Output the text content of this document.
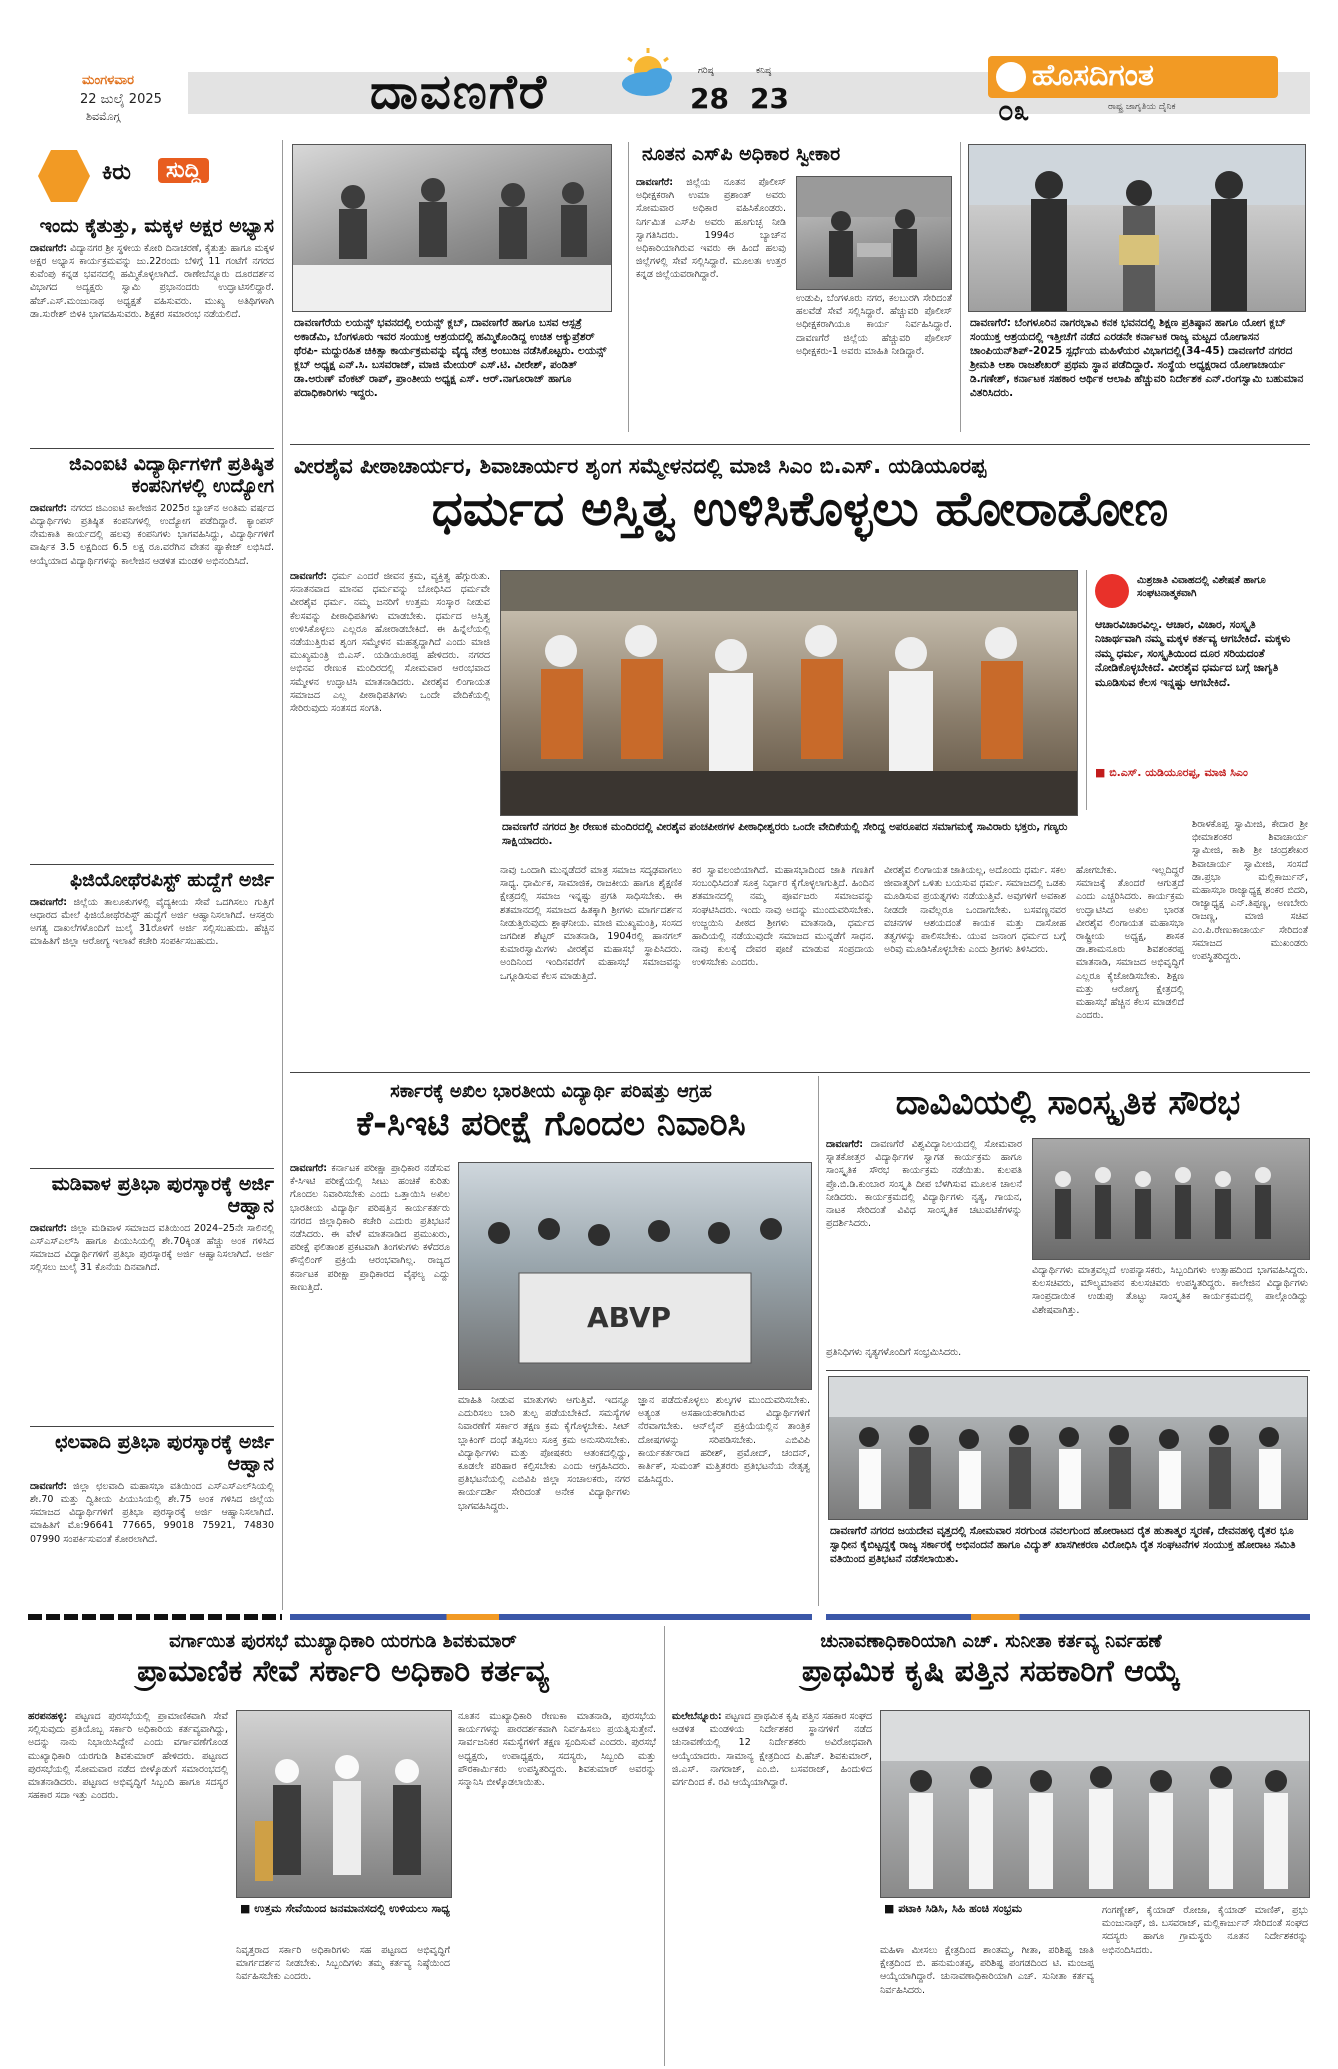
ಮಂಗಳವಾರ
22 ಜುಲೈ 2025
ಶಿವಮೊಗ್ಗ	ದಾವಣಗೆರೆ	ಗರಿಷ್ಠ
28
ಕನಿಷ್ಠ
23
ಹೊಸದಿಗಂತ
೦೩	ರಾಷ್ಟ್ರ ಜಾಗೃತಿಯ ದೈನಿಕ
ಕಿರು	ಸುದ್ದಿ
ಇಂದು ಕೈತುತ್ತು, ಮಕ್ಕಳ ಅಕ್ಷರ ಅಭ್ಯಾಸ
ದಾವಣಗೆರೆ: ವಿದ್ಯಾನಗರ ಶ್ರೀ ಸ್ಥಳೀಯ ಕೋರಿ ದಿನಾಚರಣೆ, ಕೈತುತ್ತು ಹಾಗೂ ಮಕ್ಕಳ ಅಕ್ಷರ ಅಭ್ಯಾಸ ಕಾರ್ಯಕ್ರಮವನ್ನು ಜು.22ರಂದು ಬೆಳಿಗ್ಗೆ 11 ಗಂಟೆಗೆ ನಗರದ ಕುವೆಂಪು ಕನ್ನಡ ಭವನದಲ್ಲಿ ಹಮ್ಮಿಕೊಳ್ಳಲಾಗಿದೆ. ರಾಣೇಬೆನ್ನೂರು ದೂರದರ್ಶನ ವಿಭಾಗದ ಅದ್ಯಕ್ಷರು ಸ್ವಾಮಿ ಪ್ರಭಾನಂದರು ಉದ್ಘಾಟಿಸಲಿದ್ದಾರೆ. ಹೆಚ್.ಎಸ್.ಮಂಜುನಾಥ ಅಧ್ಯಕ್ಷತೆ ವಹಿಸುವರು. ಮುಖ್ಯ ಅತಿಥಿಗಳಾಗಿ ಡಾ.ಸುರೇಶ್ ಬಿಳಕಿ ಭಾಗವಹಿಸುವರು. ಶಿಕ್ಷಕರ ಸಮಾರಂಭ ನಡೆಯಲಿದೆ.
ಜಿಎಂಐಟಿ ವಿದ್ಯಾರ್ಥಿಗಳಿಗೆ ಪ್ರತಿಷ್ಠಿತ ಕಂಪನಿಗಳಲ್ಲಿ ಉದ್ಯೋಗ
ದಾವಣಗೆರೆ: ನಗರದ ಜಿಎಂಐಟಿ ಕಾಲೇಜಿನ 2025ರ ಬ್ಯಾಚ್‌ನ ಅಂತಿಮ ವರ್ಷದ ವಿದ್ಯಾರ್ಥಿಗಳು ಪ್ರತಿಷ್ಠಿತ ಕಂಪನಿಗಳಲ್ಲಿ ಉದ್ಯೋಗ ಪಡೆದಿದ್ದಾರೆ. ಕ್ಯಾಂಪಸ್ ನೇಮಕಾತಿ ಕಾರ್ಯದಲ್ಲಿ ಹಲವು ಕಂಪನಿಗಳು ಭಾಗವಹಿಸಿದ್ದು, ವಿದ್ಯಾರ್ಥಿಗಳಿಗೆ ವಾರ್ಷಿಕ 3.5 ಲಕ್ಷದಿಂದ 6.5 ಲಕ್ಷ ರೂ.ವರೆಗಿನ ವೇತನ ಪ್ಯಾಕೇಜ್ ಲಭಿಸಿದೆ. ಆಯ್ಕೆಯಾದ ವಿದ್ಯಾರ್ಥಿಗಳನ್ನು ಕಾಲೇಜಿನ ಆಡಳಿತ ಮಂಡಳಿ ಅಭಿನಂದಿಸಿದೆ.
ಫಿಜಿಯೋಥೆರಪಿಸ್ಟ್ ಹುದ್ದೆಗೆ ಅರ್ಜಿ
ದಾವಣಗೆರೆ: ಜಿಲ್ಲೆಯ ತಾಲೂಕುಗಳಲ್ಲಿ ವೈದ್ಯಕೀಯ ಸೇವೆ ಒದಗಿಸಲು ಗುತ್ತಿಗೆ ಆಧಾರದ ಮೇಲೆ ಫಿಜಿಯೋಥೆರಪಿಸ್ಟ್ ಹುದ್ದೆಗೆ ಅರ್ಜಿ ಆಹ್ವಾನಿಸಲಾಗಿದೆ. ಆಸಕ್ತರು ಅಗತ್ಯ ದಾಖಲೆಗಳೊಂದಿಗೆ ಜುಲೈ 31ರೊಳಗೆ ಅರ್ಜಿ ಸಲ್ಲಿಸಬಹುದು. ಹೆಚ್ಚಿನ ಮಾಹಿತಿಗೆ ಜಿಲ್ಲಾ ಆರೋಗ್ಯ ಇಲಾಖೆ ಕಚೇರಿ ಸಂಪರ್ಕಿಸಬಹುದು.
ಮಡಿವಾಳ ಪ್ರತಿಭಾ ಪುರಸ್ಕಾರಕ್ಕೆ ಅರ್ಜಿ ಆಹ್ವಾನ
ದಾವಣಗೆರೆ: ಜಿಲ್ಲಾ ಮಡಿವಾಳ ಸಮಾಜದ ವತಿಯಿಂದ 2024–25ನೇ ಸಾಲಿನಲ್ಲಿ ಎಸ್ಎಸ್ಎಲ್‌ಸಿ ಹಾಗೂ ಪಿಯುಸಿಯಲ್ಲಿ ಶೇ.70ಕ್ಕಿಂತ ಹೆಚ್ಚು ಅಂಕ ಗಳಿಸಿದ ಸಮಾಜದ ವಿದ್ಯಾರ್ಥಿಗಳಿಗೆ ಪ್ರತಿಭಾ ಪುರಸ್ಕಾರಕ್ಕೆ ಅರ್ಜಿ ಆಹ್ವಾನಿಸಲಾಗಿದೆ. ಅರ್ಜಿ ಸಲ್ಲಿಸಲು ಜುಲೈ 31 ಕೊನೆಯ ದಿನವಾಗಿದೆ.
ಛಲವಾದಿ ಪ್ರತಿಭಾ ಪುರಸ್ಕಾರಕ್ಕೆ ಅರ್ಜಿ ಆಹ್ವಾನ
ದಾವಣಗೆರೆ: ಜಿಲ್ಲಾ ಛಲವಾದಿ ಮಹಾಸಭಾ ವತಿಯಿಂದ ಎಸ್ಎಸ್ಎಲ್‌ಸಿಯಲ್ಲಿ ಶೇ.70 ಮತ್ತು ದ್ವಿತೀಯ ಪಿಯುಸಿಯಲ್ಲಿ ಶೇ.75 ಅಂಕ ಗಳಿಸಿದ ಜಿಲ್ಲೆಯ ಸಮಾಜದ ವಿದ್ಯಾರ್ಥಿಗಳಿಗೆ ಪ್ರತಿಭಾ ಪುರಸ್ಕಾರಕ್ಕೆ ಅರ್ಜಿ ಆಹ್ವಾನಿಸಲಾಗಿದೆ. ಮಾಹಿತಿಗೆ ಮೊ:96641 77665, 99018 75921, 74830 07990 ಸಂಪರ್ಕಿಸುವಂತೆ ಕೋರಲಾಗಿದೆ.
ದಾವಣಗೆರೆಯ ಲಯನ್ಸ್ ಭವನದಲ್ಲಿ ಲಯನ್ಸ್ ಕ್ಲಬ್, ದಾವಣಗೆರೆ ಹಾಗೂ ಬಸವ ಆಸ್ಪತ್ರೆ ಅಕಾಡೆಮಿ, ಬೆಂಗಳೂರು ಇವರ ಸಂಯುಕ್ತ ಆಶ್ರಯದಲ್ಲಿ ಹಮ್ಮಿಕೊಂಡಿದ್ದ ಉಚಿತ ಆಕ್ಯುಪ್ರೆಶರ್ ಥೆರಪಿ- ಮದ್ದುರಹಿತ ಚಿಕಿತ್ಸಾ ಕಾರ್ಯಕ್ರಮವನ್ನು ವೈದ್ಯ ನೇತ್ರ ಅಂಬುಜ ನಡೆಸಿಕೊಟ್ಟರು. ಲಯನ್ಸ್ ಕ್ಲಬ್ ಅಧ್ಯಕ್ಷ ಎನ್.ಸಿ. ಬಸವರಾಜ್, ಮಾಜಿ ಮೇಯರ್ ಎಸ್.ಟಿ. ವೀರೇಶ್, ಪಂಡಿತ್ ಡಾ.ಅರುಣ್ ವೆಂಕಟ್ ರಾಪ್, ಪ್ರಾಂತೀಯ ಅಧ್ಯಕ್ಷ ಎಸ್. ಆರ್.ನಾಗೂರಾಜ್ ಹಾಗೂ ಪದಾಧಿಕಾರಿಗಳು ಇದ್ದರು.
ನೂತನ ಎಸ್‌ಪಿ ಅಧಿಕಾರ ಸ್ವೀಕಾರ
ದಾವಣಗೆರೆ: ಜಿಲ್ಲೆಯ ನೂತನ ಪೊಲೀಸ್ ಅಧೀಕ್ಷಕರಾಗಿ ಉಮಾ ಪ್ರಶಾಂತ್ ಅವರು ಸೋಮವಾರ ಅಧಿಕಾರ ವಹಿಸಿಕೊಂಡರು. ನಿರ್ಗಮಿತ ಎಸ್‌ಪಿ ಅವರು ಹೂಗುಚ್ಛ ನೀಡಿ ಸ್ವಾಗತಿಸಿದರು. 1994ರ ಬ್ಯಾಚ್‌ನ ಅಧಿಕಾರಿಯಾಗಿರುವ ಇವರು ಈ ಹಿಂದೆ ಹಲವು ಜಿಲ್ಲೆಗಳಲ್ಲಿ ಸೇವೆ ಸಲ್ಲಿಸಿದ್ದಾರೆ. ಮೂಲತಃ ಉತ್ತರ ಕನ್ನಡ ಜಿಲ್ಲೆಯವರಾಗಿದ್ದಾರೆ.
ಉಡುಪಿ, ಬೆಂಗಳೂರು ನಗರ, ಕಲಬುರಗಿ ಸೇರಿದಂತೆ ಹಲವೆಡೆ ಸೇವೆ ಸಲ್ಲಿಸಿದ್ದಾರೆ. ಹೆಚ್ಚುವರಿ ಪೊಲೀಸ್ ಅಧೀಕ್ಷಕರಾಗಿಯೂ ಕಾರ್ಯ ನಿರ್ವಹಿಸಿದ್ದಾರೆ. ದಾವಣಗೆರೆ ಜಿಲ್ಲೆಯ ಹೆಚ್ಚುವರಿ ಪೊಲೀಸ್ ಅಧೀಕ್ಷಕರು-1 ಅವರು ಮಾಹಿತಿ ನೀಡಿದ್ದಾರೆ.
ದಾವಣಗೆರೆ: ಬೆಂಗಳೂರಿನ ನಾಗರಭಾವಿ ಕನಕ ಭವನದಲ್ಲಿ ಶಿಕ್ಷಣ ಪ್ರತಿಷ್ಠಾನ ಹಾಗೂ ಯೋಗ ಕ್ಲಬ್ ಸಂಯುಕ್ತ ಆಶ್ರಯದಲ್ಲಿ ಇತ್ತೀಚೆಗೆ ನಡೆದ ಎರಡನೇ ಕರ್ನಾಟಕ ರಾಜ್ಯ ಮಟ್ಟದ ಯೋಗಾಸನ ಚಾಂಪಿಯನ್‌ಶಿಪ್-2025 ಸ್ಪರ್ಧೆಯ ಮಹಿಳೆಯರ ವಿಭಾಗದಲ್ಲಿ(34-45) ದಾವಣಗೆರೆ ನಗರದ ಶ್ರೀಮತಿ ಆಶಾ ರಾಜಶೇಖರ್ ಪ್ರಥಮ ಸ್ಥಾನ ಪಡೆದಿದ್ದಾರೆ. ಸಂಸ್ಥೆಯ ಅಧ್ಯಕ್ಷರಾದ ಯೋಗಾಚಾರ್ಯ ಡಿ.ಗಣೇಶ್, ಕರ್ನಾಟಕ ಸಹಕಾರ ಆರ್ಥಿಕ ಆಲಾಪಿ ಹೆಚ್ಚುವರಿ ನಿರ್ದೇಶಕ ಎನ್.ರಂಗಸ್ವಾಮಿ ಬಹುಮಾನ ವಿತರಿಸಿದರು.
ವೀರಶೈವ ಪೀಠಾಚಾರ್ಯರ, ಶಿವಾಚಾರ್ಯರ ಶೃಂಗ ಸಮ್ಮೇಳನದಲ್ಲಿ ಮಾಜಿ ಸಿಎಂ ಬಿ.ಎಸ್. ಯಡಿಯೂರಪ್ಪ
ಧರ್ಮದ ಅಸ್ತಿತ್ವ ಉಳಿಸಿಕೊಳ್ಳಲು ಹೋರಾಡೋಣ
ದಾವಣಗೆರೆ: ಧರ್ಮ ಎಂದರೆ ಜೀವನ ಕ್ರಮ, ವ್ಯಕ್ತಿತ್ವ ಹೆಗ್ಗುರುತು. ಸನಾತನವಾದ ಮಾನವ ಧರ್ಮವನ್ನು ಬೋಧಿಸಿದ ಧರ್ಮವೇ ವೀರಶೈವ ಧರ್ಮ. ನಮ್ಮ ಜನರಿಗೆ ಉತ್ತಮ ಸಂಸ್ಕಾರ ನೀಡುವ ಕೆಲಸವನ್ನು ಪೀಠಾಧಿಪತಿಗಳು ಮಾಡಬೇಕು. ಧರ್ಮದ ಅಸ್ತಿತ್ವ ಉಳಿಸಿಕೊಳ್ಳಲು ಎಲ್ಲರೂ ಹೋರಾಡಬೇಕಿದೆ. ಈ ಹಿನ್ನೆಲೆಯಲ್ಲಿ ನಡೆಯುತ್ತಿರುವ ಶೃಂಗ ಸಮ್ಮೇಳನ ಮಹತ್ವದ್ದಾಗಿದೆ ಎಂದು ಮಾಜಿ ಮುಖ್ಯಮಂತ್ರಿ ಬಿ.ಎಸ್. ಯಡಿಯೂರಪ್ಪ ಹೇಳಿದರು. ನಗರದ ಅಭಿನವ ರೇಣುಕ ಮಂದಿರದಲ್ಲಿ ಸೋಮವಾರ ಆರಂಭವಾದ ಸಮ್ಮೇಳನ ಉದ್ಘಾಟಿಸಿ ಮಾತನಾಡಿದರು. ವೀರಶೈವ ಲಿಂಗಾಯತ ಸಮಾಜದ ಎಲ್ಲ ಪೀಠಾಧಿಪತಿಗಳು ಒಂದೇ ವೇದಿಕೆಯಲ್ಲಿ ಸೇರಿರುವುದು ಸಂತಸದ ಸಂಗತಿ.
ಮಿಶ್ರಜಾತಿ ವಿವಾಹದಲ್ಲಿ ವಿಶೇಷತೆ ಹಾಗೂ ಸಂಘಟನಾತ್ಮಕವಾಗಿ
ಆಚಾರವಿಚಾರವಿಲ್ಲ. ಆಚಾರ, ವಿಚಾರ, ಸಂಸ್ಕೃತಿ ನಿಜಾರ್ಥವಾಗಿ ನಮ್ಮ ಮಕ್ಕಳ ಕರ್ತವ್ಯ ಆಗಬೇಕಿದೆ. ಮಕ್ಕಳು ನಮ್ಮ ಧರ್ಮ, ಸಂಸ್ಕೃತಿಯಿಂದ ದೂರ ಸರಿಯದಂತೆ ನೋಡಿಕೊಳ್ಳಬೇಕಿದೆ. ವೀರಶೈವ ಧರ್ಮದ ಬಗ್ಗೆ ಜಾಗೃತಿ ಮೂಡಿಸುವ ಕೆಲಸ ಇನ್ನಷ್ಟು ಆಗಬೇಕಿದೆ.
■ ಬಿ.ಎಸ್. ಯಡಿಯೂರಪ್ಪ, ಮಾಜಿ ಸಿಎಂ
ದಾವಣಗೆರೆ ನಗರದ ಶ್ರೀ ರೇಣುಕ ಮಂದಿರದಲ್ಲಿ ವೀರಶೈವ ಪಂಚಪೀಠಗಳ ಪೀಠಾಧೀಶ್ವರರು ಒಂದೇ ವೇದಿಕೆಯಲ್ಲಿ ಸೇರಿದ್ದ ಅಪರೂಪದ ಸಮಾಗಮಕ್ಕೆ ಸಾವಿರಾರು ಭಕ್ತರು, ಗಣ್ಯರು ಸಾಕ್ಷಿಯಾದರು.
ನಾವು ಒಂದಾಗಿ ಮುನ್ನಡೆದರೆ ಮಾತ್ರ ಸಮಾಜ ಸದೃಢವಾಗಲು ಸಾಧ್ಯ. ಧಾರ್ಮಿಕ, ಸಾಮಾಜಿಕ, ರಾಜಕೀಯ ಹಾಗೂ ಶೈಕ್ಷಣಿಕ ಕ್ಷೇತ್ರದಲ್ಲಿ ಸಮಾಜ ಇನ್ನಷ್ಟು ಪ್ರಗತಿ ಸಾಧಿಸಬೇಕು. ಈ ಶತಮಾನದಲ್ಲಿ ಸಮಾಜದ ಹಿತಕ್ಕಾಗಿ ಶ್ರೀಗಳು ಮಾರ್ಗದರ್ಶನ ನೀಡುತ್ತಿರುವುದು ಶ್ಲಾಘನೀಯ. ಮಾಜಿ ಮುಖ್ಯಮಂತ್ರಿ, ಸಂಸದ ಜಗದೀಶ ಶೆಟ್ಟರ್ ಮಾತನಾಡಿ, 1904ರಲ್ಲಿ ಹಾನಗಲ್ ಕುಮಾರಸ್ವಾಮಿಗಳು ವೀರಶೈವ ಮಹಾಸಭೆ ಸ್ಥಾಪಿಸಿದರು. ಅಂದಿನಿಂದ ಇಂದಿನವರೆಗೆ ಮಹಾಸಭೆ ಸಮಾಜವನ್ನು ಒಗ್ಗೂಡಿಸುವ ಕೆಲಸ ಮಾಡುತ್ತಿದೆ.
ಕರ ಸ್ವಾವಲಂಬಿಯಾಗಿದೆ. ಮಹಾಸಭಾದಿಂದ ಜಾತಿ ಗಣತಿಗೆ ಸಂಬಂಧಿಸಿದಂತೆ ಸೂಕ್ತ ನಿರ್ಧಾರ ಕೈಗೊಳ್ಳಲಾಗುತ್ತಿದೆ. ಹಿಂದಿನ ಶತಮಾನದಲ್ಲಿ ನಮ್ಮ ಪೂರ್ವಜರು ಸಮಾಜವನ್ನು ಸಂಘಟಿಸಿದರು. ಇಂದು ನಾವು ಅದನ್ನು ಮುಂದುವರಿಸಬೇಕು. ಉಜ್ಜಯಿನಿ ಪೀಠದ ಶ್ರೀಗಳು ಮಾತನಾಡಿ, ಧರ್ಮದ ಹಾದಿಯಲ್ಲಿ ನಡೆಯುವುದೇ ಸಮಾಜದ ಮುನ್ನಡೆಗೆ ಸಾಧನ. ನಾವು ಕುಲಕ್ಕೆ ದೇವರ ಪೂಜೆ ಮಾಡುವ ಸಂಪ್ರದಾಯ ಉಳಿಸಬೇಕು ಎಂದರು.
ವೀರಶೈವ ಲಿಂಗಾಯತ ಜಾತಿಯಲ್ಲ, ಅದೊಂದು ಧರ್ಮ. ಸಕಲ ಜೀವಾತ್ಮರಿಗೆ ಒಳಿತು ಬಯಸುವ ಧರ್ಮ. ಸಮಾಜದಲ್ಲಿ ಒಡಕು ಮೂಡಿಸುವ ಪ್ರಯತ್ನಗಳು ನಡೆಯುತ್ತಿವೆ. ಅವುಗಳಿಗೆ ಅವಕಾಶ ನೀಡದೇ ನಾವೆಲ್ಲರೂ ಒಂದಾಗಬೇಕು. ಬಸವಣ್ಣನವರ ವಚನಗಳ ಆಶಯದಂತೆ ಕಾಯಕ ಮತ್ತು ದಾಸೋಹ ತತ್ವಗಳನ್ನು ಪಾಲಿಸಬೇಕು. ಯುವ ಜನಾಂಗ ಧರ್ಮದ ಬಗ್ಗೆ ಅರಿವು ಮೂಡಿಸಿಕೊಳ್ಳಬೇಕು ಎಂದು ಶ್ರೀಗಳು ತಿಳಿಸಿದರು.
ಹೋಗಬೇಕು. ಇಲ್ಲದಿದ್ದರೆ ಸಮಾಜಕ್ಕೆ ತೊಂದರೆ ಆಗುತ್ತದೆ ಎಂದು ಎಚ್ಚರಿಸಿದರು. ಕಾರ್ಯಕ್ರಮ ಉದ್ಘಾಟಿಸಿದ ಅಖಿಲ ಭಾರತ ವೀರಶೈವ ಲಿಂಗಾಯತ ಮಹಾಸಭಾ ರಾಷ್ಟ್ರೀಯ ಅಧ್ಯಕ್ಷ, ಶಾಸಕ ಡಾ.ಶಾಮನೂರು ಶಿವಶಂಕರಪ್ಪ ಮಾತನಾಡಿ, ಸಮಾಜದ ಅಭಿವೃದ್ಧಿಗೆ ಎಲ್ಲರೂ ಕೈಜೋಡಿಸಬೇಕು. ಶಿಕ್ಷಣ ಮತ್ತು ಆರೋಗ್ಯ ಕ್ಷೇತ್ರದಲ್ಲಿ ಮಹಾಸಭೆ ಹೆಚ್ಚಿನ ಕೆಲಸ ಮಾಡಲಿದೆ ಎಂದರು.
ಶಿರಾಳಕೊಪ್ಪ ಸ್ವಾಮೀಜಿ, ಕೇದಾರ ಶ್ರೀ ಭೀಮಾಶಂಕರ ಶಿವಾಚಾರ್ಯ ಸ್ವಾಮೀಜಿ, ಕಾಶಿ ಶ್ರೀ ಚಂದ್ರಶೇಖರ ಶಿವಾಚಾರ್ಯ ಸ್ವಾಮೀಜಿ, ಸಂಸದೆ ಡಾ.ಪ್ರಭಾ ಮಲ್ಲಿಕಾರ್ಜುನ್, ಮಹಾಸಭಾ ರಾಜ್ಯಾಧ್ಯಕ್ಷ ಶಂಕರ ಬಿದರಿ, ರಾಜ್ಯಾಧ್ಯಕ್ಷ ಎನ್.ತಿಪ್ಪಣ್ಣ, ಅಣಬೇರು ರಾಜಣ್ಣ, ಮಾಜಿ ಸಚಿವ ಎಂ.ಪಿ.ರೇಣುಕಾಚಾರ್ಯ ಸೇರಿದಂತೆ ಸಮಾಜದ ಮುಖಂಡರು ಉಪಸ್ಥಿತರಿದ್ದರು.
ಸರ್ಕಾರಕ್ಕೆ ಅಖಿಲ ಭಾರತೀಯ ವಿದ್ಯಾರ್ಥಿ ಪರಿಷತ್ತು ಆಗ್ರಹ
ಕೆ-ಸಿಇಟಿ ಪರೀಕ್ಷೆ ಗೊಂದಲ ನಿವಾರಿಸಿ
ದಾವಣಗೆರೆ: ಕರ್ನಾಟಕ ಪರೀಕ್ಷಾ ಪ್ರಾಧಿಕಾರ ನಡೆಸುವ ಕೆ-ಸಿಇಟಿ ಪರೀಕ್ಷೆಯಲ್ಲಿ ಸೀಟು ಹಂಚಿಕೆ ಕುರಿತು ಗೊಂದಲ ನಿವಾರಿಸಬೇಕು ಎಂದು ಒತ್ತಾಯಿಸಿ ಅಖಿಲ ಭಾರತೀಯ ವಿದ್ಯಾರ್ಥಿ ಪರಿಷತ್ತಿನ ಕಾರ್ಯಕರ್ತರು ನಗರದ ಜಿಲ್ಲಾಧಿಕಾರಿ ಕಚೇರಿ ಎದುರು ಪ್ರತಿಭಟನೆ ನಡೆಸಿದರು. ಈ ವೇಳೆ ಮಾತನಾಡಿದ ಪ್ರಮುಖರು, ಪರೀಕ್ಷೆ ಫಲಿತಾಂಶ ಪ್ರಕಟವಾಗಿ ತಿಂಗಳುಗಳು ಕಳೆದರೂ ಕೌನ್ಸೆಲಿಂಗ್ ಪ್ರಕ್ರಿಯೆ ಆರಂಭವಾಗಿಲ್ಲ. ರಾಜ್ಯದ ಕರ್ನಾಟಕ ಪರೀಕ್ಷಾ ಪ್ರಾಧಿಕಾರದ ವೈಫಲ್ಯ ಎದ್ದು ಕಾಣುತ್ತಿದೆ.
ABVP
ಮಾಹಿತಿ ನೀಡುವ ಮಾತುಗಳು ಆಗುತ್ತಿವೆ. ಇದನ್ನೂ ಎದುರಿಸಲು ಬಾರಿ ತುಲ್ಪ ಪಡೆಯಬೇಕಿದೆ. ಸಮಸ್ಯೆಗಳ ನಿವಾರಣೆಗೆ ಸರ್ಕಾರ ತಕ್ಷಣ ಕ್ರಮ ಕೈಗೊಳ್ಳಬೇಕು. ಸೀಟ್ ಬ್ಲಾಕಿಂಗ್ ದಂಧೆ ತಪ್ಪಿಸಲು ಸೂಕ್ತ ಕ್ರಮ ಅನುಸರಿಸಬೇಕು. ವಿದ್ಯಾರ್ಥಿಗಳು ಮತ್ತು ಪೋಷಕರು ಆತಂಕದಲ್ಲಿದ್ದು, ಕೂಡಲೇ ಪರಿಹಾರ ಕಲ್ಪಿಸಬೇಕು ಎಂದು ಆಗ್ರಹಿಸಿದರು. ಪ್ರತಿಭಟನೆಯಲ್ಲಿ ಎಬಿವಿಪಿ ಜಿಲ್ಲಾ ಸಂಚಾಲಕರು, ನಗರ ಕಾರ್ಯದರ್ಶಿ ಸೇರಿದಂತೆ ಅನೇಕ ವಿದ್ಯಾರ್ಥಿಗಳು ಭಾಗವಹಿಸಿದ್ದರು.
ಜ್ಞಾನ ಪಡೆದುಕೊಳ್ಳಲು ಶುಲ್ಕಗಳ ಮುಂದುವರಿಸಬೇಕು. ಅತ್ಯಂತ ಅಸಹಾಯಕರಾಗಿರುವ ವಿದ್ಯಾರ್ಥಿಗಳಿಗೆ ನೆರವಾಗಬೇಕು. ಆನ್‌ಲೈನ್ ಪ್ರಕ್ರಿಯೆಯಲ್ಲಿನ ತಾಂತ್ರಿಕ ದೋಷಗಳನ್ನು ಸರಿಪಡಿಸಬೇಕು. ಎಬಿವಿಪಿ ಕಾರ್ಯಕರ್ತರಾದ ಹರೀಶ್, ಪ್ರಮೋದ್, ಚಂದನ್, ಕಾರ್ತಿಕ್, ಸುಮಂತ್ ಮತ್ತಿತರರು ಪ್ರತಿಭಟನೆಯ ನೇತೃತ್ವ ವಹಿಸಿದ್ದರು.
ದಾವಿವಿಯಲ್ಲಿ ಸಾಂಸ್ಕೃತಿಕ ಸೌರಭ
ದಾವಣಗೆರೆ: ದಾವಣಗೆರೆ ವಿಶ್ವವಿದ್ಯಾನಿಲಯದಲ್ಲಿ ಸೋಮವಾರ ಸ್ನಾತಕೋತ್ತರ ವಿದ್ಯಾರ್ಥಿಗಳ ಸ್ವಾಗತ ಕಾರ್ಯಕ್ರಮ ಹಾಗೂ ಸಾಂಸ್ಕೃತಿಕ ಸೌರಭ ಕಾರ್ಯಕ್ರಮ ನಡೆಯಿತು. ಕುಲಪತಿ ಪ್ರೊ.ಬಿ.ಡಿ.ಕುಂಬಾರ ಸಂಸ್ಕೃತಿ ದೀಪ ಬೆಳಗಿಸುವ ಮೂಲಕ ಚಾಲನೆ ನೀಡಿದರು. ಕಾರ್ಯಕ್ರಮದಲ್ಲಿ ವಿದ್ಯಾರ್ಥಿಗಳು ನೃತ್ಯ, ಗಾಯನ, ನಾಟಕ ಸೇರಿದಂತೆ ವಿವಿಧ ಸಾಂಸ್ಕೃತಿಕ ಚಟುವಟಿಕೆಗಳನ್ನು ಪ್ರದರ್ಶಿಸಿದರು.
ವಿದ್ಯಾರ್ಥಿಗಳು ಮಾತ್ರವಲ್ಲದೆ ಉಪನ್ಯಾಸಕರು, ಸಿಬ್ಬಂದಿಗಳು ಉತ್ಸಾಹದಿಂದ ಭಾಗವಹಿಸಿದ್ದರು. ಕುಲಸಚಿವರು, ಮೌಲ್ಯಮಾಪನ ಕುಲಸಚಿವರು ಉಪಸ್ಥಿತರಿದ್ದರು. ಕಾಲೇಜಿನ ವಿದ್ಯಾರ್ಥಿಗಳು ಸಾಂಪ್ರದಾಯಿಕ ಉಡುಪು ತೊಟ್ಟು ಸಾಂಸ್ಕೃತಿಕ ಕಾರ್ಯಕ್ರಮದಲ್ಲಿ ಪಾಲ್ಗೊಂಡಿದ್ದು ವಿಶೇಷವಾಗಿತ್ತು.
ಪ್ರತಿನಿಧಿಗಳು ನೃತ್ಯಗಳೊಂದಿಗೆ ಸಂಭ್ರಮಿಸಿದರು.
ದಾವಣಗೆರೆ ನಗರದ ಜಯದೇವ ವೃತ್ತದಲ್ಲಿ ಸೋಮವಾರ ಸರಗುಂಡ ನವಲಗುಂದ ಹೋರಾಟದ ರೈತ ಹುತಾತ್ಮರ ಸ್ಮರಣೆ, ದೇವನಹಳ್ಳಿ ರೈತರ ಭೂ ಸ್ವಾಧೀನ ಕೈಬಿಟ್ಟದ್ದಕ್ಕೆ ರಾಜ್ಯ ಸರ್ಕಾರಕ್ಕೆ ಅಭಿನಂದನೆ ಹಾಗೂ ವಿದ್ಯುತ್ ಖಾಸಗೀಕರಣ ವಿರೋಧಿಸಿ ರೈತ ಸಂಘಟನೆಗಳ ಸಂಯುಕ್ತ ಹೋರಾಟ ಸಮಿತಿ ವತಿಯಿಂದ ಪ್ರತಿಭಟನೆ ನಡೆಸಲಾಯಿತು.
ವರ್ಗಾಯಿತ ಪುರಸಭೆ ಮುಖ್ಯಾಧಿಕಾರಿ ಯರಗುಡಿ ಶಿವಕುಮಾರ್
ಪ್ರಾಮಾಣಿಕ ಸೇವೆ ಸರ್ಕಾರಿ ಅಧಿಕಾರಿ ಕರ್ತವ್ಯ
ಹರಪನಹಳ್ಳಿ: ಪಟ್ಟಣದ ಪುರಸಭೆಯಲ್ಲಿ ಪ್ರಾಮಾಣಿಕವಾಗಿ ಸೇವೆ ಸಲ್ಲಿಸುವುದು ಪ್ರತಿಯೊಬ್ಬ ಸರ್ಕಾರಿ ಅಧಿಕಾರಿಯ ಕರ್ತವ್ಯವಾಗಿದ್ದು, ಅದನ್ನು ನಾನು ನಿಭಾಯಿಸಿದ್ದೇನೆ ಎಂದು ವರ್ಗಾವಣೆಗೊಂಡ ಮುಖ್ಯಾಧಿಕಾರಿ ಯರಗುಡಿ ಶಿವಕುಮಾರ್ ಹೇಳಿದರು. ಪಟ್ಟಣದ ಪುರಸಭೆಯಲ್ಲಿ ಸೋಮವಾರ ನಡೆದ ಬೀಳ್ಕೊಡುಗೆ ಸಮಾರಂಭದಲ್ಲಿ ಮಾತನಾಡಿದರು. ಪಟ್ಟಣದ ಅಭಿವೃದ್ಧಿಗೆ ಸಿಬ್ಬಂದಿ ಹಾಗೂ ಸದಸ್ಯರ ಸಹಕಾರ ಸದಾ ಇತ್ತು ಎಂದರು.
■ ಉತ್ತಮ ಸೇವೆಯಿಂದ ಜನಮಾನಸದಲ್ಲಿ ಉಳಿಯಲು ಸಾಧ್ಯ
ನಿವೃತ್ತರಾದ ಸರ್ಕಾರಿ ಅಧಿಕಾರಿಗಳು ಸಹ ಪಟ್ಟಣದ ಅಭಿವೃದ್ಧಿಗೆ ಮಾರ್ಗದರ್ಶನ ನೀಡಬೇಕು. ಸಿಬ್ಬಂದಿಗಳು ತಮ್ಮ ಕರ್ತವ್ಯ ನಿಷ್ಠೆಯಿಂದ ನಿರ್ವಹಿಸಬೇಕು ಎಂದರು.
ನೂತನ ಮುಖ್ಯಾಧಿಕಾರಿ ರೇಣುಕಾ ಮಾತನಾಡಿ, ಪುರಸಭೆಯ ಕಾರ್ಯಗಳನ್ನು ಪಾರದರ್ಶಕವಾಗಿ ನಿರ್ವಹಿಸಲು ಪ್ರಯತ್ನಿಸುತ್ತೇನೆ. ಸಾರ್ವಜನಿಕರ ಸಮಸ್ಯೆಗಳಿಗೆ ತಕ್ಷಣ ಸ್ಪಂದಿಸುವೆ ಎಂದರು. ಪುರಸಭೆ ಅಧ್ಯಕ್ಷರು, ಉಪಾಧ್ಯಕ್ಷರು, ಸದಸ್ಯರು, ಸಿಬ್ಬಂದಿ ಮತ್ತು ಪೌರಕಾರ್ಮಿಕರು ಉಪಸ್ಥಿತರಿದ್ದರು. ಶಿವಕುಮಾರ್ ಅವರನ್ನು ಸನ್ಮಾನಿಸಿ ಬೀಳ್ಕೊಡಲಾಯಿತು.
ಚುನಾವಣಾಧಿಕಾರಿಯಾಗಿ ಎಚ್. ಸುನೀತಾ ಕರ್ತವ್ಯ ನಿರ್ವಹಣೆ
ಪ್ರಾಥಮಿಕ ಕೃಷಿ ಪತ್ತಿನ ಸಹಕಾರಿಗೆ ಆಯ್ಕೆ
ಮಲೇಬೆನ್ನೂರು: ಪಟ್ಟಣದ ಪ್ರಾಥಮಿಕ ಕೃಷಿ ಪತ್ತಿನ ಸಹಕಾರ ಸಂಘದ ಆಡಳಿತ ಮಂಡಳಿಯ ನಿರ್ದೇಶಕರ ಸ್ಥಾನಗಳಿಗೆ ನಡೆದ ಚುನಾವಣೆಯಲ್ಲಿ 12 ನಿರ್ದೇಶಕರು ಅವಿರೋಧವಾಗಿ ಆಯ್ಕೆಯಾದರು. ಸಾಮಾನ್ಯ ಕ್ಷೇತ್ರದಿಂದ ಪಿ.ಹೆಚ್. ಶಿವಕುಮಾರ್, ಜಿ.ಎಸ್. ನಾಗರಾಜ್, ಎಂ.ಬಿ. ಬಸವರಾಜ್, ಹಿಂದುಳಿದ ವರ್ಗದಿಂದ ಕೆ. ರವಿ ಆಯ್ಕೆಯಾಗಿದ್ದಾರೆ.
■ ಪಟಾಕಿ ಸಿಡಿಸಿ, ಸಿಹಿ ಹಂಚಿ ಸಂಭ್ರಮ
ಮಹಿಳಾ ಮೀಸಲು ಕ್ಷೇತ್ರದಿಂದ ಶಾಂತಮ್ಮ, ಗೀತಾ, ಪರಿಶಿಷ್ಟ ಜಾತಿ ಕ್ಷೇತ್ರದಿಂದ ಬಿ. ಹನುಮಂತಪ್ಪ, ಪರಿಶಿಷ್ಟ ಪಂಗಡದಿಂದ ಟಿ. ಮಂಜಪ್ಪ ಆಯ್ಕೆಯಾಗಿದ್ದಾರೆ. ಚುನಾವಣಾಧಿಕಾರಿಯಾಗಿ ಎಚ್. ಸುನೀತಾ ಕರ್ತವ್ಯ ನಿರ್ವಹಿಸಿದರು.
ಗಂಗಣ್ಣೇಶ್, ಕೈಯಾಡ್ ರೋಜಾ, ಕೈಯಾಡ್ ಮಾಣಿಕ್, ಪ್ರಭು ಮಂಜುನಾಥ್, ಜಿ. ಬಸವರಾಜ್, ಮಲ್ಲಿಕಾರ್ಜುನ್ ಸೇರಿದಂತೆ ಸಂಘದ ಸದಸ್ಯರು ಹಾಗೂ ಗ್ರಾಮಸ್ಥರು ನೂತನ ನಿರ್ದೇಶಕರನ್ನು ಅಭಿನಂದಿಸಿದರು.
